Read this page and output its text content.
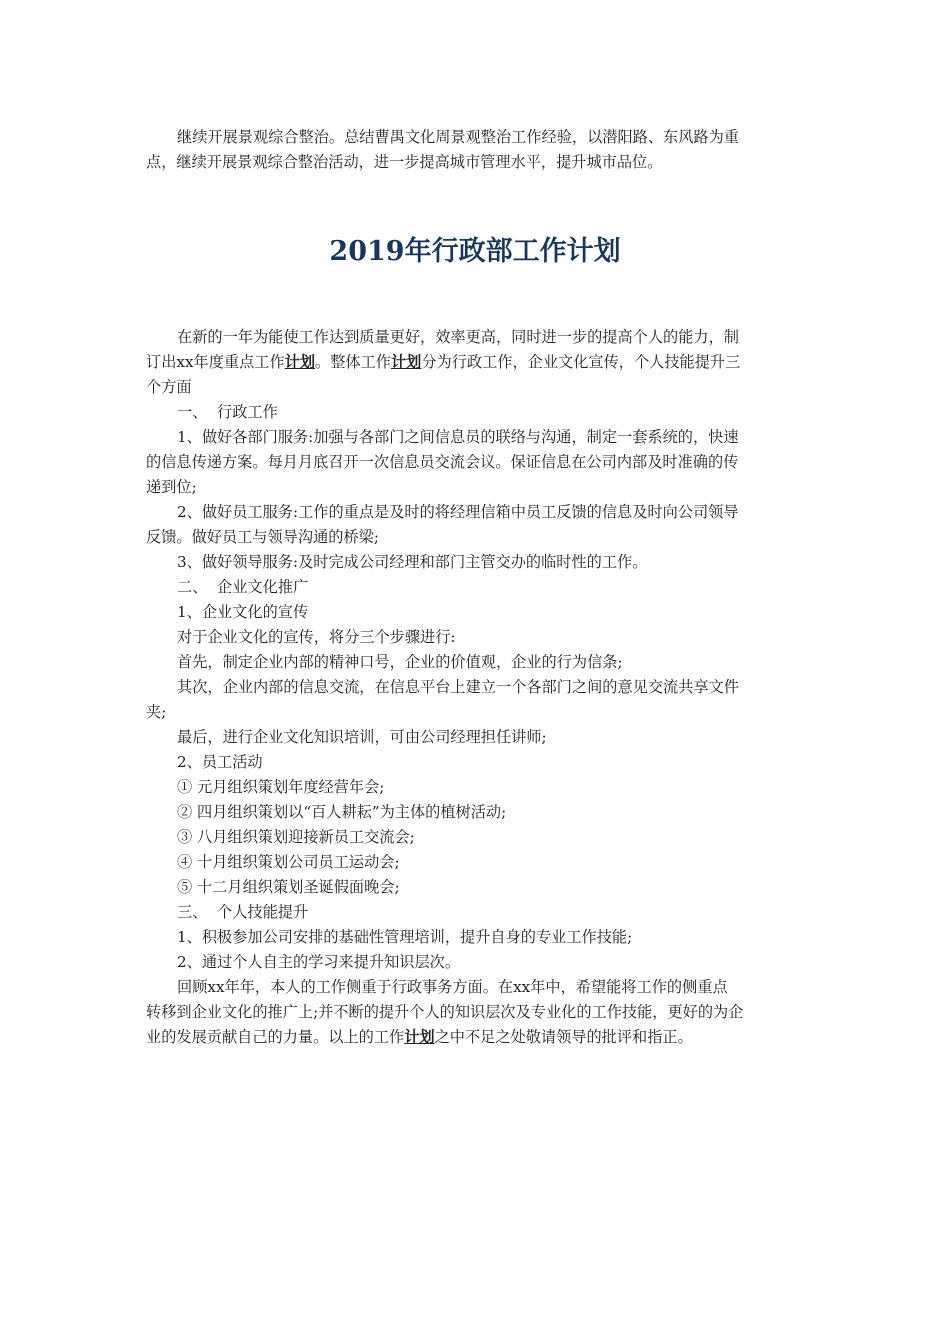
继续开展景观综合整治。总结曹禺文化周景观整治工作经验，以潜阳路、东风路为重
点，继续开展景观综合整治活动，进一步提高城市管理水平，提升城市品位。
2019年行政部工作计划
在新的一年为能使工作达到质量更好，效率更高，同时进一步的提高个人的能力，制
订出xx年度重点工作计划。整体工作计划分为行政工作，企业文化宣传，个人技能提升三
个方面
一、  行政工作
1、做好各部门服务:加强与各部门之间信息员的联络与沟通，制定一套系统的，快速
的信息传递方案。每月月底召开一次信息员交流会议。保证信息在公司内部及时准确的传
递到位;
2、做好员工服务:工作的重点是及时的将经理信箱中员工反馈的信息及时向公司领导
反馈。做好员工与领导沟通的桥梁;
3、做好领导服务:及时完成公司经理和部门主管交办的临时性的工作。
二、  企业文化推广
1、企业文化的宣传
对于企业文化的宣传，将分三个步骤进行:
首先，制定企业内部的精神口号，企业的价值观，企业的行为信条;
其次，企业内部的信息交流，在信息平台上建立一个各部门之间的意见交流共享文件
夹;
最后，进行企业文化知识培训，可由公司经理担任讲师;
2、员工活动
① 元月组织策划年度经营年会;
② 四月组织策划以“百人耕耘”为主体的植树活动;
③ 八月组织策划迎接新员工交流会;
④ 十月组织策划公司员工运动会;
⑤ 十二月组织策划圣诞假面晚会;
三、  个人技能提升
1、积极参加公司安排的基础性管理培训，提升自身的专业工作技能;
2、通过个人自主的学习来提升知识层次。
回顾xx年年，本人的工作侧重于行政事务方面。在xx年中，希望能将工作的侧重点
转移到企业文化的推广上;并不断的提升个人的知识层次及专业化的工作技能，更好的为企
业的发展贡献自己的力量。以上的工作计划之中不足之处敬请领导的批评和指正。
